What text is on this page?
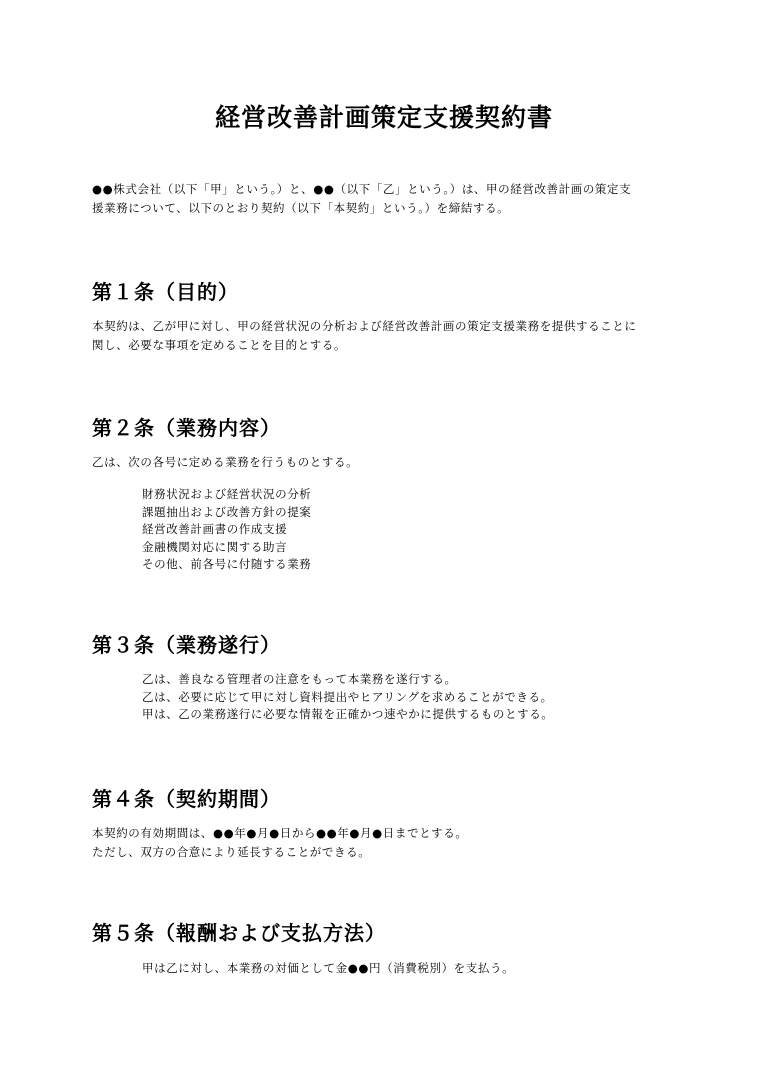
経営改善計画策定支援契約書
●●株式会社（以下「甲」という。）と、●●（以下「乙」という。）は、甲の経営改善計画の策定支
援業務について、以下のとおり契約（以下「本契約」という。）を締結する。
第１条（目的）
本契約は、乙が甲に対し、甲の経営状況の分析および経営改善計画の策定支援業務を提供することに
関し、必要な事項を定めることを目的とする。
第２条（業務内容）
乙は、次の各号に定める業務を行うものとする。
財務状況および経営状況の分析
課題抽出および改善方針の提案
経営改善計画書の作成支援
金融機関対応に関する助言
その他、前各号に付随する業務
第３条（業務遂行）
乙は、善良なる管理者の注意をもって本業務を遂行する。
乙は、必要に応じて甲に対し資料提出やヒアリングを求めることができる。
甲は、乙の業務遂行に必要な情報を正確かつ速やかに提供するものとする。
第４条（契約期間）
本契約の有効期間は、●●年●月●日から●●年●月●日までとする。
ただし、双方の合意により延長することができる。
第５条（報酬および支払方法）
甲は乙に対し、本業務の対価として金●●円（消費税別）を支払う。
